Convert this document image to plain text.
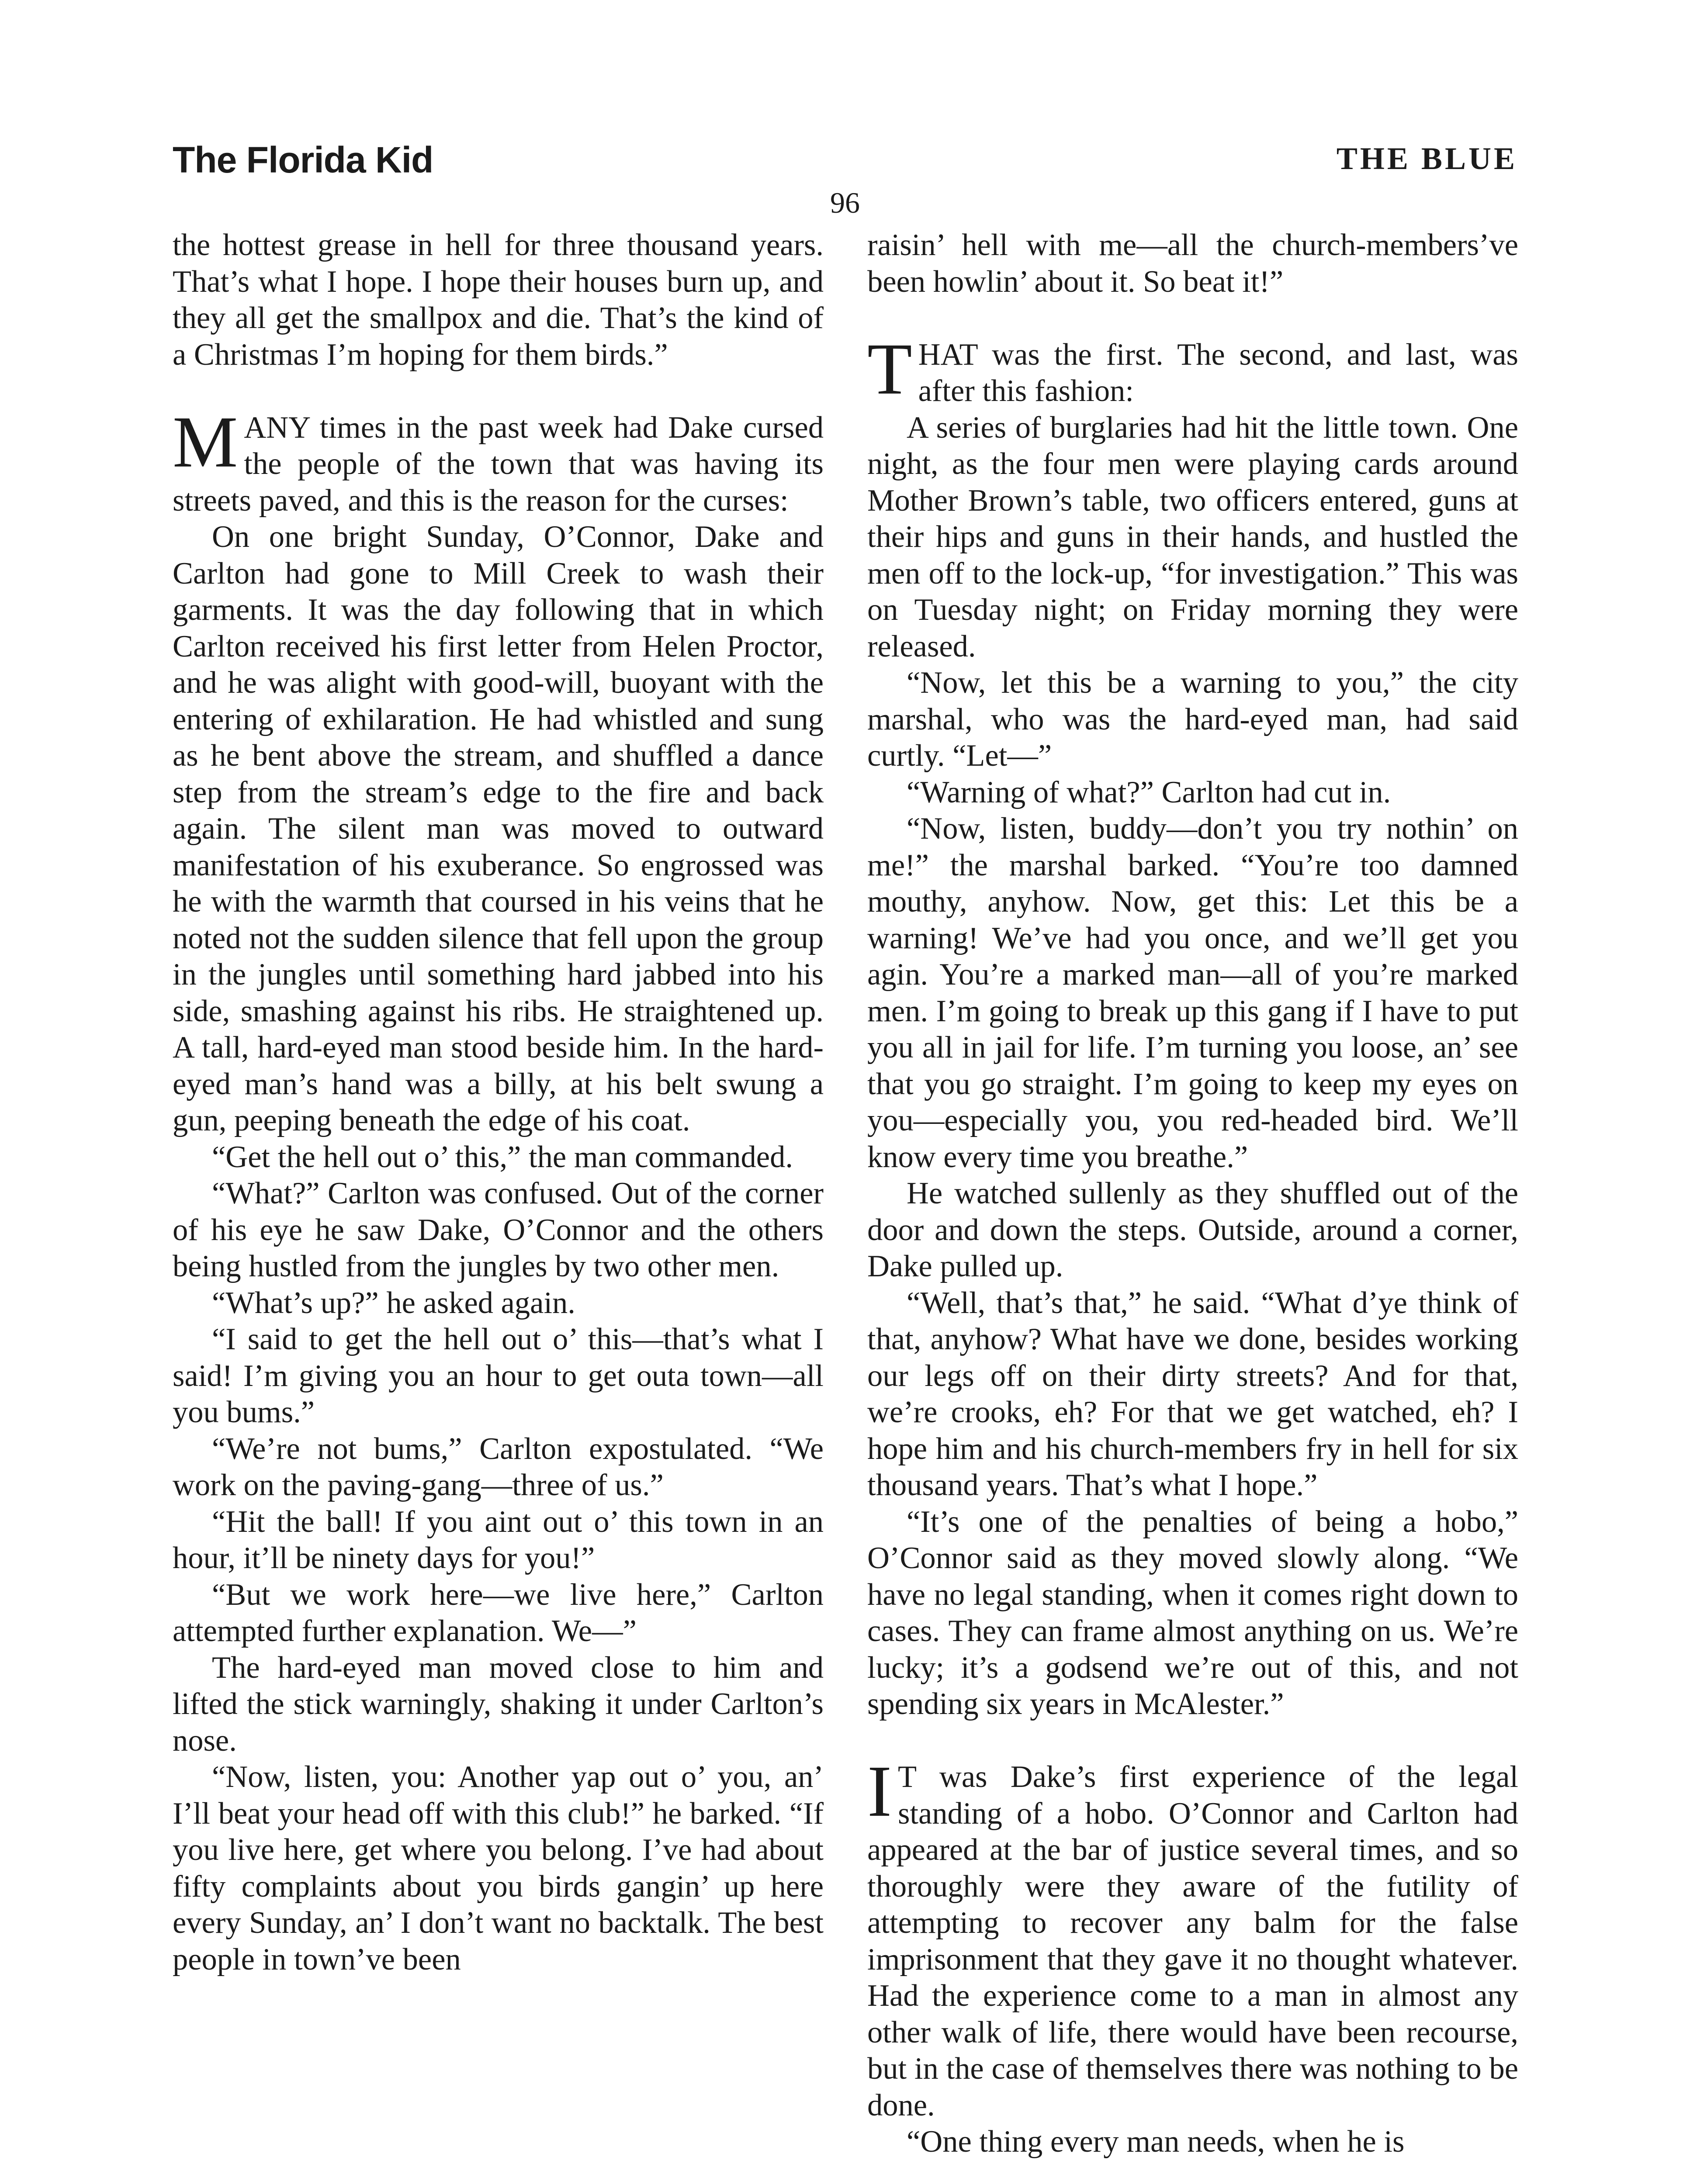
The Florida Kid	THE BLUE
96

the hottest grease in hell for three thousand years. That’s what I hope. I hope their houses burn up, and they all get the smallpox and die. That’s the kind of a Christmas I’m hoping for them birds.”

MANY times in the past week had Dake cursed the people of the town that was having its streets paved, and this is the reason for the curses:

On one bright Sunday, O’Connor, Dake and Carlton had gone to Mill Creek to wash their garments. It was the day following that in which Carlton received his first letter from Helen Proctor, and he was alight with good-will, buoyant with the entering of exhilaration. He had whistled and sung as he bent above the stream, and shuffled a dance step from the stream’s edge to the fire and back again. The silent man was moved to outward manifestation of his exuberance. So engrossed was he with the warmth that coursed in his veins that he noted not the sudden silence that fell upon the group in the jungles until something hard jabbed into his side, smashing against his ribs. He straightened up. A tall, hard-eyed man stood beside him. In the hard-eyed man’s hand was a billy, at his belt swung a gun, peeping beneath the edge of his coat.

“Get the hell out o’ this,” the man commanded.

“What?” Carlton was confused. Out of the corner of his eye he saw Dake, O’Connor and the others being hustled from the jungles by two other men.

“What’s up?” he asked again.

“I said to get the hell out o’ this—that’s what I said! I’m giving you an hour to get outa town—all you bums.”

“We’re not bums,” Carlton expostulated. “We work on the paving-gang—three of us.”

“Hit the ball! If you aint out o’ this town in an hour, it’ll be ninety days for you!”

“But we work here—we live here,” Carlton attempted further explanation. We—”

The hard-eyed man moved close to him and lifted the stick warningly, shaking it under Carlton’s nose.

“Now, listen, you: Another yap out o’ you, an’ I’ll beat your head off with this club!” he barked. “If you live here, get where you belong. I’ve had about fifty complaints about you birds gangin’ up here every Sunday, an’ I don’t want no backtalk. The best people in town’ve been

raisin’ hell with me—all the church-members’ve been howlin’ about it. So beat it!”

THAT was the first. The second, and last, was after this fashion:

A series of burglaries had hit the little town. One night, as the four men were playing cards around Mother Brown’s table, two officers entered, guns at their hips and guns in their hands, and hustled the men off to the lock-up, “for investigation.” This was on Tuesday night; on Friday morning they were released.

“Now, let this be a warning to you,” the city marshal, who was the hard-eyed man, had said curtly. “Let—”

“Warning of what?” Carlton had cut in.

“Now, listen, buddy—don’t you try nothin’ on me!” the marshal barked. “You’re too damned mouthy, anyhow. Now, get this: Let this be a warning! We’ve had you once, and we’ll get you agin. You’re a marked man—all of you’re marked men. I’m going to break up this gang if I have to put you all in jail for life. I’m turning you loose, an’ see that you go straight. I’m going to keep my eyes on you—especially you, you red-headed bird. We’ll know every time you breathe.”

He watched sullenly as they shuffled out of the door and down the steps. Outside, around a corner, Dake pulled up.

“Well, that’s that,” he said. “What d’ye think of that, anyhow? What have we done, besides working our legs off on their dirty streets? And for that, we’re crooks, eh? For that we get watched, eh? I hope him and his church-members fry in hell for six thousand years. That’s what I hope.”

“It’s one of the penalties of being a hobo,” O’Connor said as they moved slowly along. “We have no legal standing, when it comes right down to cases. They can frame almost anything on us. We’re lucky; it’s a godsend we’re out of this, and not spending six years in McAlester.”

IT was Dake’s first experience of the legal standing of a hobo. O’Connor and Carlton had appeared at the bar of justice several times, and so thoroughly were they aware of the futility of attempting to recover any balm for the false imprisonment that they gave it no thought whatever. Had the experience come to a man in almost any other walk of life, there would have been recourse, but in the case of themselves there was nothing to be done.

“One thing every man needs, when he is
